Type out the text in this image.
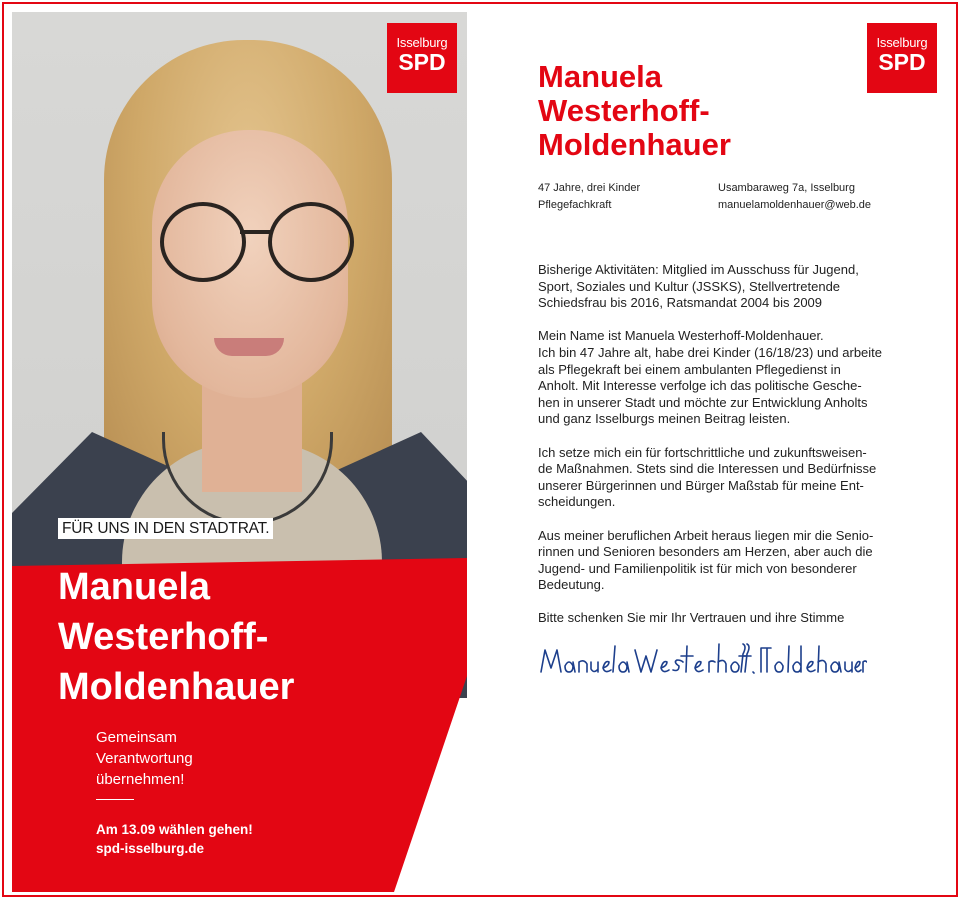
Isselburg
SPD
FÜR UNS IN DEN STADTRAT.
Manuela
Westerhoff-
Moldenhauer
Gemeinsam
Verantwortung
übernehmen!
Am 13.09 wählen gehen!
spd-isselburg.de
Isselburg
SPD
Manuela
Westerhoff-
Moldenhauer
47 Jahre, drei Kinder
Pflegefachkraft
Usambaraweg 7a, Isselburg
manuelamoldenhauer@web.de

Bisherige Aktivitäten: Mitglied im Ausschuss für Jugend,
Sport, Soziales und Kultur (JSSKS), Stellvertretende
Schiedsfrau bis 2016, Ratsmandat 2004 bis 2009

Mein Name ist Manuela Westerhoff-Moldenhauer.
Ich bin 47 Jahre alt, habe drei Kinder (16/18/23) und arbeite
als Pflegekraft bei einem ambulanten Pflegedienst in
Anholt. Mit Interesse verfolge ich das politische Gesche-
hen in unserer Stadt und möchte zur Entwicklung Anholts
und ganz Isselburgs meinen Beitrag leisten.

Ich setze mich ein für fortschrittliche und zukunftsweisen-
de Maßnahmen. Stets sind die Interessen und Bedürfnisse
unserer Bürgerinnen und Bürger Maßstab für meine Ent-
scheidungen.

Aus meiner beruflichen Arbeit heraus liegen mir die Senio-
rinnen und Senioren besonders am Herzen, aber auch die
Jugend- und Familienpolitik ist für mich von besonderer
Bedeutung.

Bitte schenken Sie mir Ihr Vertrauen und ihre Stimme
